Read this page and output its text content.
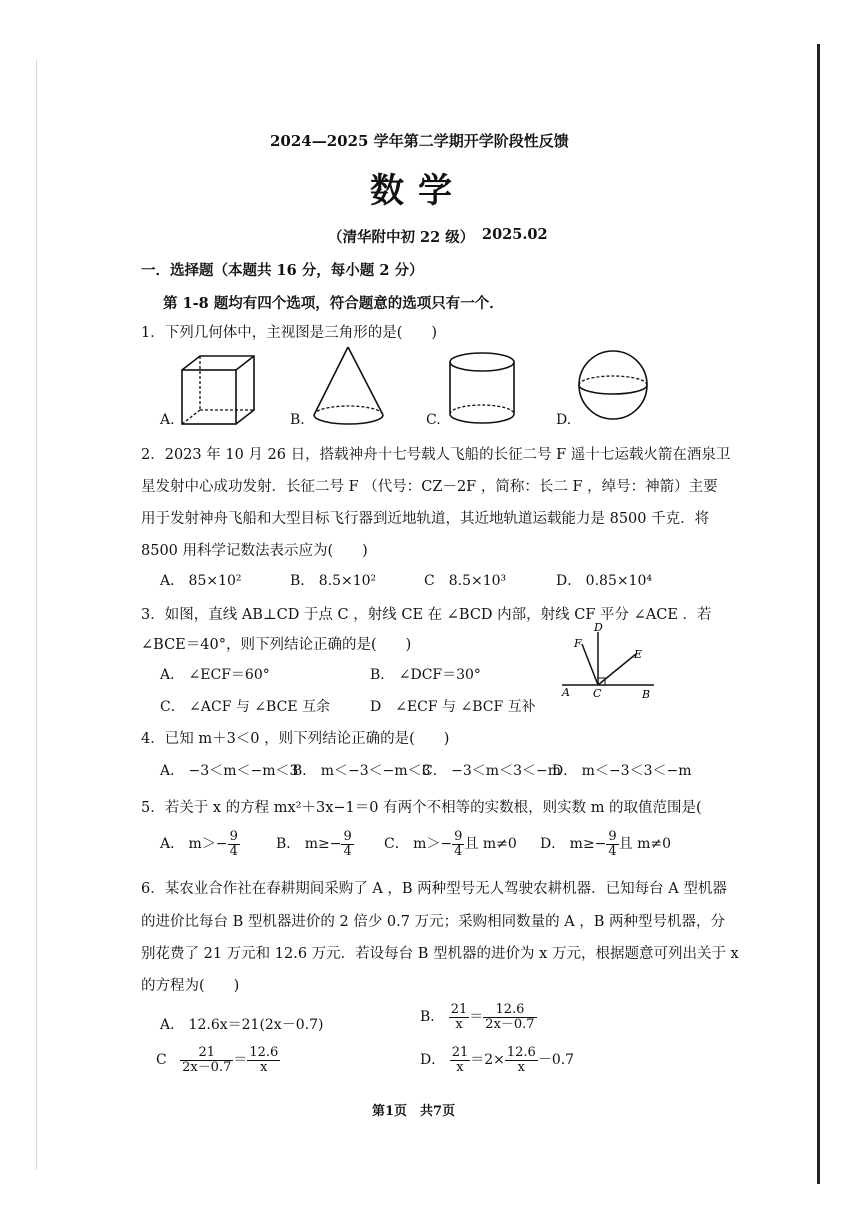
2024—2025 学年第二学期开学阶段性反馈
数学
（清华附中初 22 级） 2025.02
一．选择题（本题共 16 分，每小题 2 分）
第 1-8 题均有四个选项，符合题意的选项只有一个．
1．下列几何体中，主视图是三角形的是(　　)
A.	B.	C.	D.
2．2023 年 10 月 26 日，搭载神舟十七号载人飞船的长征二号 F 遥十七运载火箭在酒泉卫
星发射中心成功发射．长征二号 F （代号：CZ－2F ，简称：长二 F ，绰号：神箭）主要
用于发射神舟飞船和大型目标飞行器到近地轨道，其近地轨道运载能力是 8500 千克．将
8500 用科学记数法表示应为(　　)
A． 85×10²	B． 8.5×10²	C　8.5×10³	D． 0.85×10⁴
3．如图，直线 AB⊥CD 于点 C ，射线 CE 在 ∠BCD 内部，射线 CF 平分 ∠ACE ．若
∠BCE＝40°，则下列结论正确的是(　　)
A． ∠ECF＝60°	B． ∠DCF＝30°
C． ∠ACF 与 ∠BCE 互余	D　∠ECF 与 ∠BCF 互补
A C	B
D
E
F
4．已知 m＋3＜0 ，则下列结论正确的是(　　)
A． −3＜m＜−m＜3
B． m＜−3＜−m＜3
C． −3＜m＜3＜−m
D． m＜−3＜3＜−m
5．若关于 x 的方程 mx²＋3x−1＝0 有两个不相等的实数根，则实数 m 的取值范围是(
A． $m>- \frac{9}{4}$	B． $m\ge- \frac{9}{4}$ C． $m>- \frac{9}{4}$ 且 m≠0 D． $m\ge- \frac{9}{4}$ 且 m≠0
6．某农业合作社在春耕期间采购了 A ，B 两种型号无人驾驶农耕机器．已知每台 A 型机器
的进价比每台 B 型机器进价的 2 倍少 0.7 万元；采购相同数量的 A ，B 两种型号机器，分
别花费了 21 万元和 12.6 万元．若设每台 B 型机器的进价为 x 万元，根据题意可列出关于 x
的方程为(　　)
A． 12.6x＝21(2x－0.7)	B． $\frac{21}{x} = \frac{12.6}{2x-0.7}$
C $\frac{21}{2x-0.7} = \frac{12.6}{x}$	D． $\frac{21}{x} =2\times \frac{12.6}{x} -0.7$
第1页　共7页
